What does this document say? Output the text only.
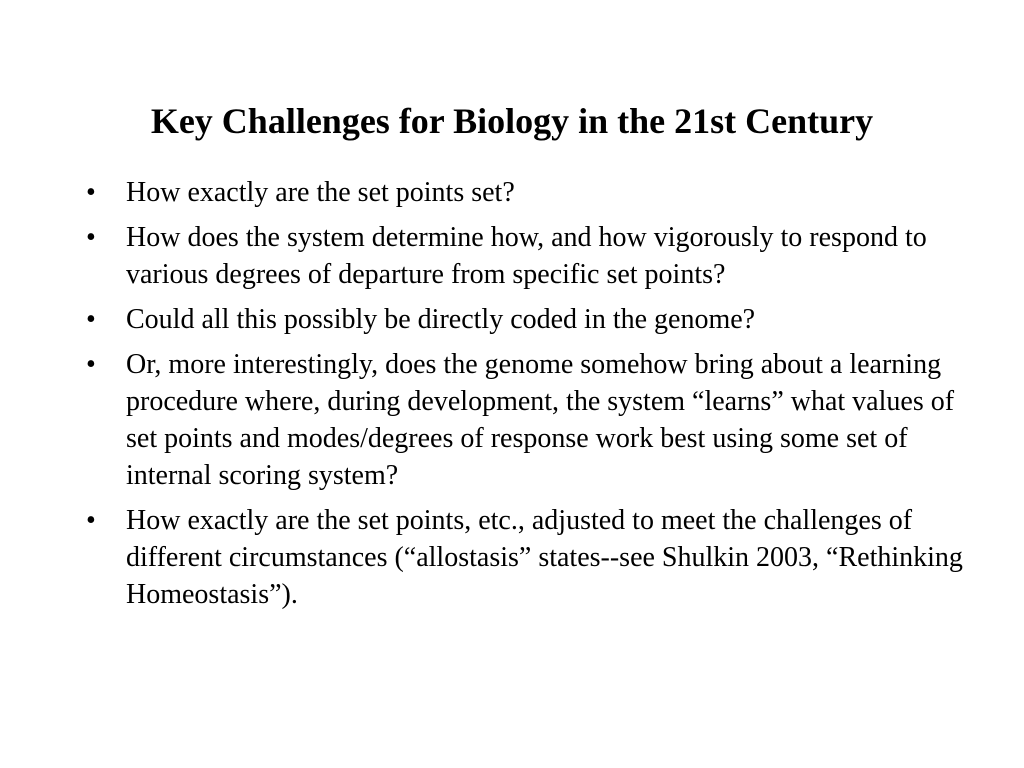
Key Challenges for Biology in the 21st Century
•	How exactly are the set points set?
•	How does the system determine how, and how vigorously to respond to various degrees of departure from specific set points?
•	Could all this possibly be directly coded in the genome?
•	Or, more interestingly, does the genome somehow bring about a learning procedure where, during development, the system “learns” what values of set points and modes/degrees of response work best using some set of internal scoring system?
•	How exactly are the set points, etc., adjusted to meet the challenges of different circumstances (“allostasis” states--see Shulkin 2003, “Rethinking Homeostasis”).
